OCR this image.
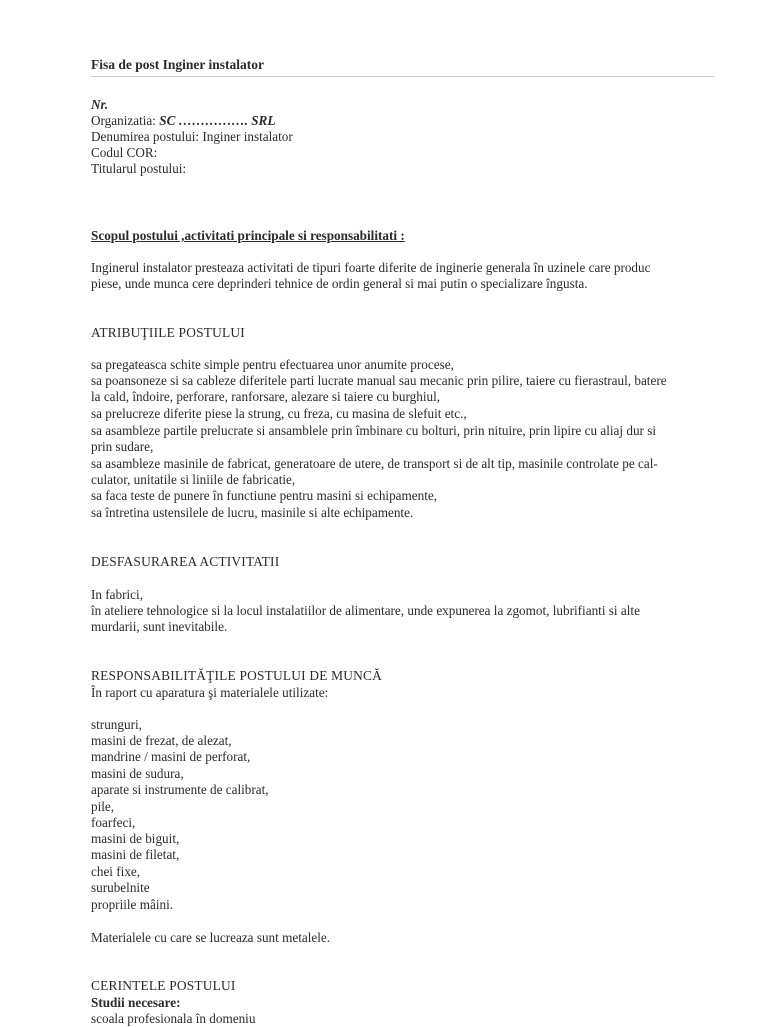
Fisa de post Inginer instalator
Nr.
Organizatia: SC ……………. SRL
Denumirea postului: Inginer instalator
Codul COR:
Titularul postului:
Scopul postului ,activitati principale si responsabilitati :
Inginerul instalator presteaza activitati de tipuri foarte diferite de inginerie generala în uzinele care produc
piese, unde munca cere deprinderi tehnice de ordin general si mai putin o specializare îngusta.
ATRIBUŢIILE POSTULUI
sa pregateasca schite simple pentru efectuarea unor anumite procese,
sa poansoneze si sa cableze diferitele parti lucrate manual sau mecanic prin pilire, taiere cu fierastraul, batere
la cald, îndoire, perforare, ranforsare, alezare si taiere cu burghiul,
sa prelucreze diferite piese la strung, cu freza, cu masina de slefuit etc.,
sa asambleze partile prelucrate si ansamblele prin îmbinare cu bolturi, prin nituire, prin lipire cu aliaj dur si
prin sudare,
sa asambleze masinile de fabricat, generatoare de utere, de transport si de alt tip, masinile controlate pe cal-
culator, unitatile si liniile de fabricatie,
sa faca teste de punere în functiune pentru masini si echipamente,
sa întretina ustensilele de lucru, masinile si alte echipamente.
DESFASURAREA ACTIVITATII
In fabrici,
în ateliere tehnologice si la locul instalatiilor de alimentare, unde expunerea la zgomot, lubrifianti si alte
murdarii, sunt inevitabile.
RESPONSABILITĂŢILE POSTULUI DE MUNCĂ
În raport cu aparatura şi materialele utilizate:
strunguri,
masini de frezat, de alezat,
mandrine / masini de perforat,
masini de sudura,
aparate si instrumente de calibrat,
pile,
foarfeci,
masini de biguit,
masini de filetat,
chei fixe,
surubelnite
propriile mâini.
Materialele cu care se lucreaza sunt metalele.
CERINTELE POSTULUI
Studii necesare:
scoala profesionala în domeniu
